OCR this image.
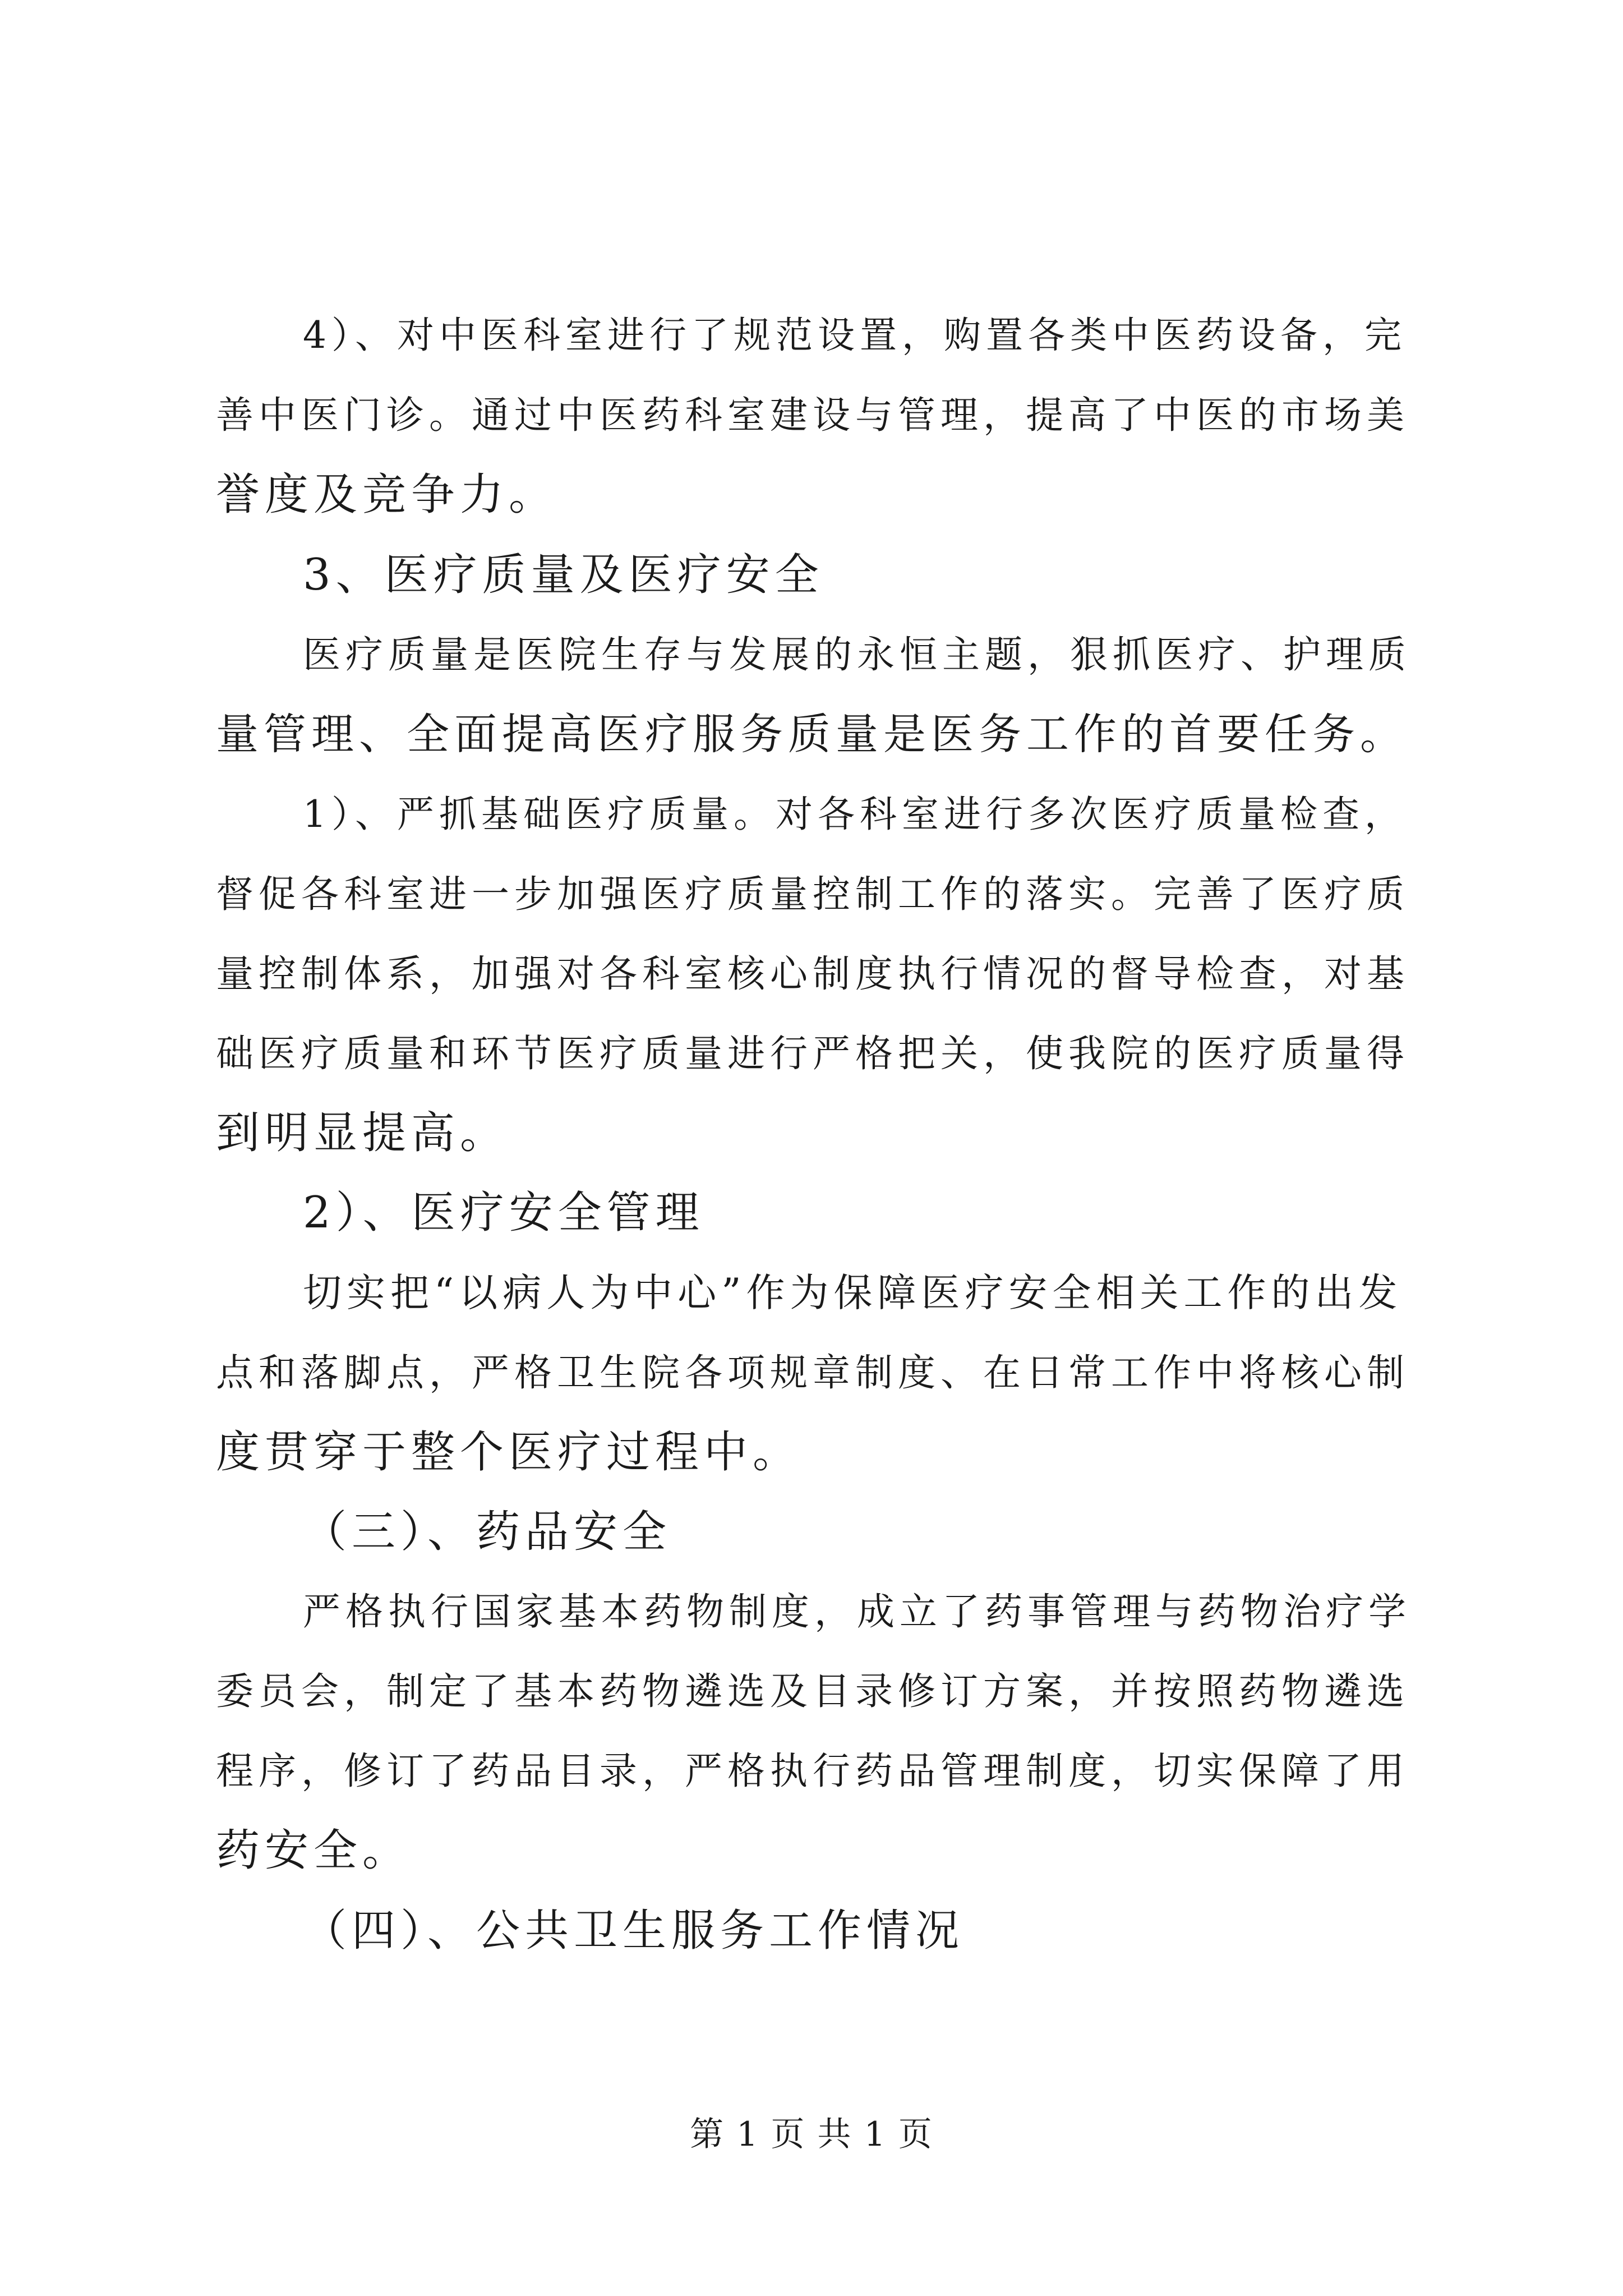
4）、对中医科室进行了规范设置，购置各类中医药设备，完
善中医门诊。通过中医药科室建设与管理，提高了中医的市场美
誉度及竞争力。
3、医疗质量及医疗安全
医疗质量是医院生存与发展的永恒主题，狠抓医疗、护理质
量管理、全面提高医疗服务质量是医务工作的首要任务。
1）、严抓基础医疗质量。对各科室进行多次医疗质量检查，
督促各科室进一步加强医疗质量控制工作的落实。完善了医疗质
量控制体系，加强对各科室核心制度执行情况的督导检查，对基
础医疗质量和环节医疗质量进行严格把关，使我院的医疗质量得
到明显提高。
2）、医疗安全管理
切实把“以病人为中心”作为保障医疗安全相关工作的出发
点和落脚点，严格卫生院各项规章制度、在日常工作中将核心制
度贯穿于整个医疗过程中。
（三）、药品安全
严格执行国家基本药物制度，成立了药事管理与药物治疗学
委员会，制定了基本药物遴选及目录修订方案，并按照药物遴选
程序，修订了药品目录，严格执行药品管理制度，切实保障了用
药安全。
（四）、公共卫生服务工作情况
第 1 页 共 1 页
